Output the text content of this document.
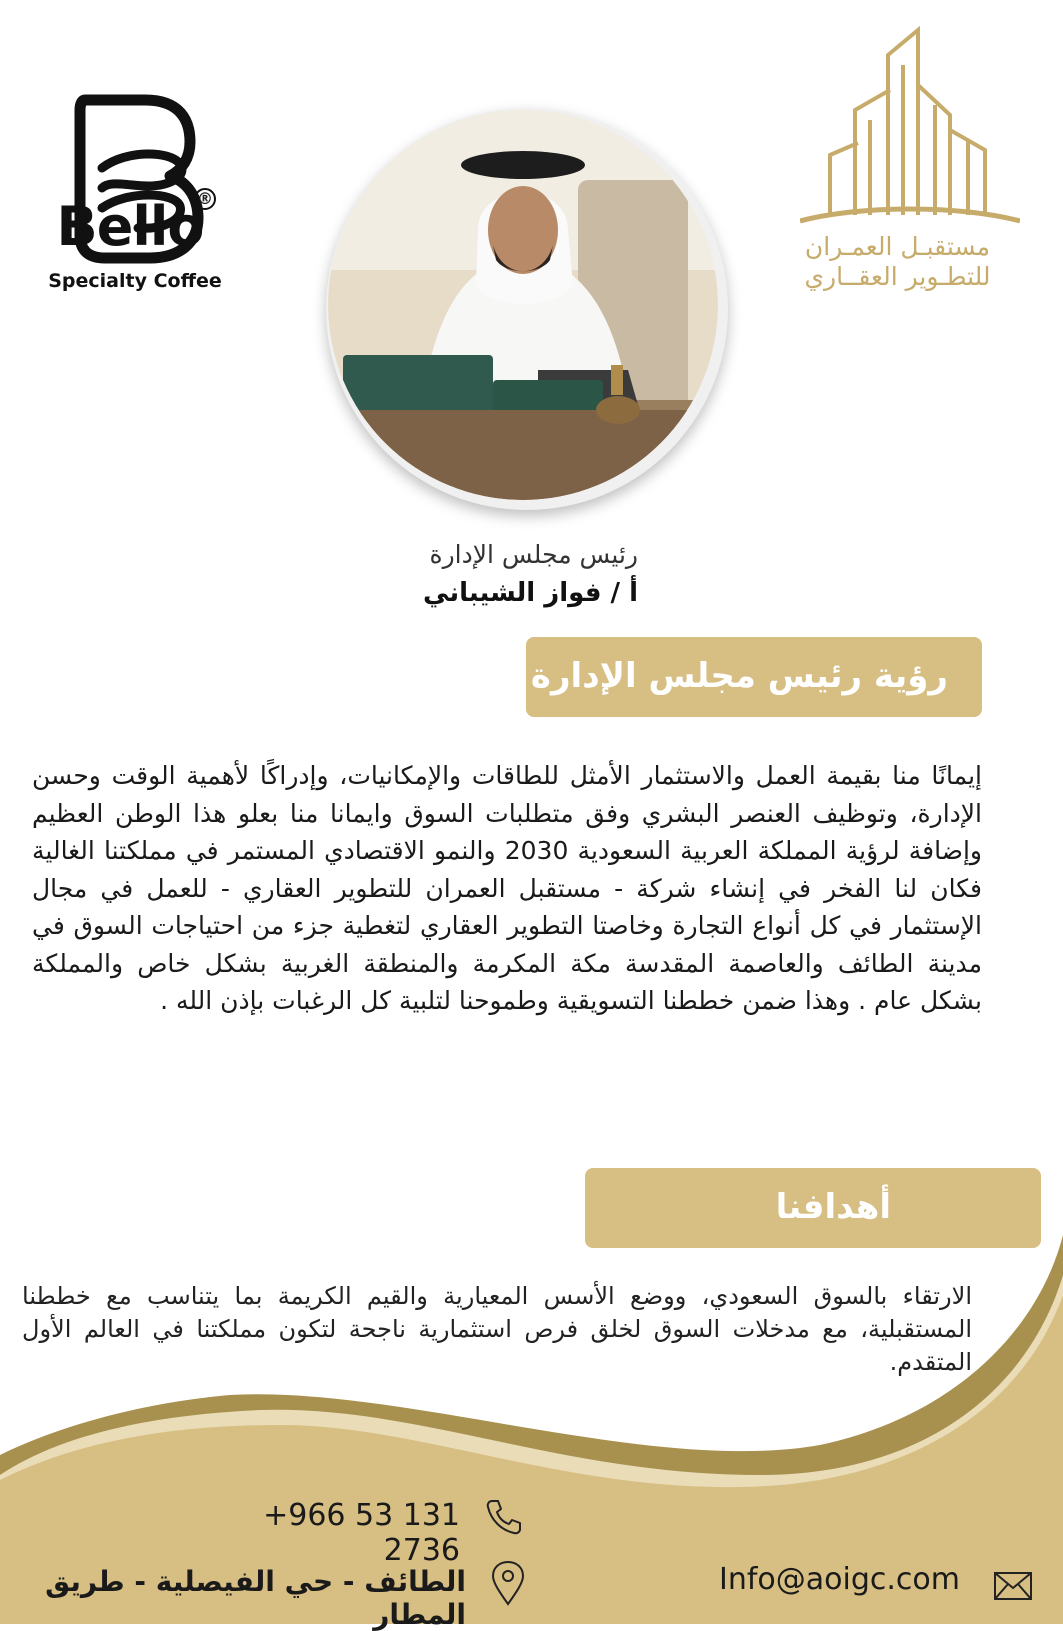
®
Bello
Specialty Coffee
مستقبـل العمـران
للتطـوير العقــاري
رئيس مجلس الإدارة
أ / فواز الشيباني
رؤية رئيس مجلس الإدارة
إيمانًا منا بقيمة العمل والاستثمار الأمثل للطاقات والإمكانيات، وإدراكًا لأهمية الوقت وحسن الإدارة، وتوظيف العنصر البشري وفق متطلبات السوق وايمانا منا بعلو هذا الوطن العظيم وإضافة لرؤية المملكة العربية السعودية 2030 والنمو الاقتصادي المستمر في مملكتنا الغالية فكان لنا الفخر في إنشاء شركة - مستقبل العمران للتطوير العقاري - للعمل في مجال الإستثمار في كل أنواع التجارة وخاصتا التطوير العقاري لتغطية جزء من احتياجات السوق في مدينة الطائف والعاصمة المقدسة مكة المكرمة والمنطقة الغربية بشكل خاص والمملكة بشكل عام . وهذا ضمن خططنا التسويقية وطموحنا لتلبية كل الرغبات بإذن الله .
أهدافنا
الارتقاء بالسوق السعودي، ووضع الأسس المعيارية والقيم الكريمة بما يتناسب مع خططنا المستقبلية، مع مدخلات السوق لخلق فرص استثمارية ناجحة لتكون مملكتنا في العالم الأول المتقدم.
+966 53 131 2736
الطائف - حي الفيصلية - طريق المطار
Info@aoigc.com
